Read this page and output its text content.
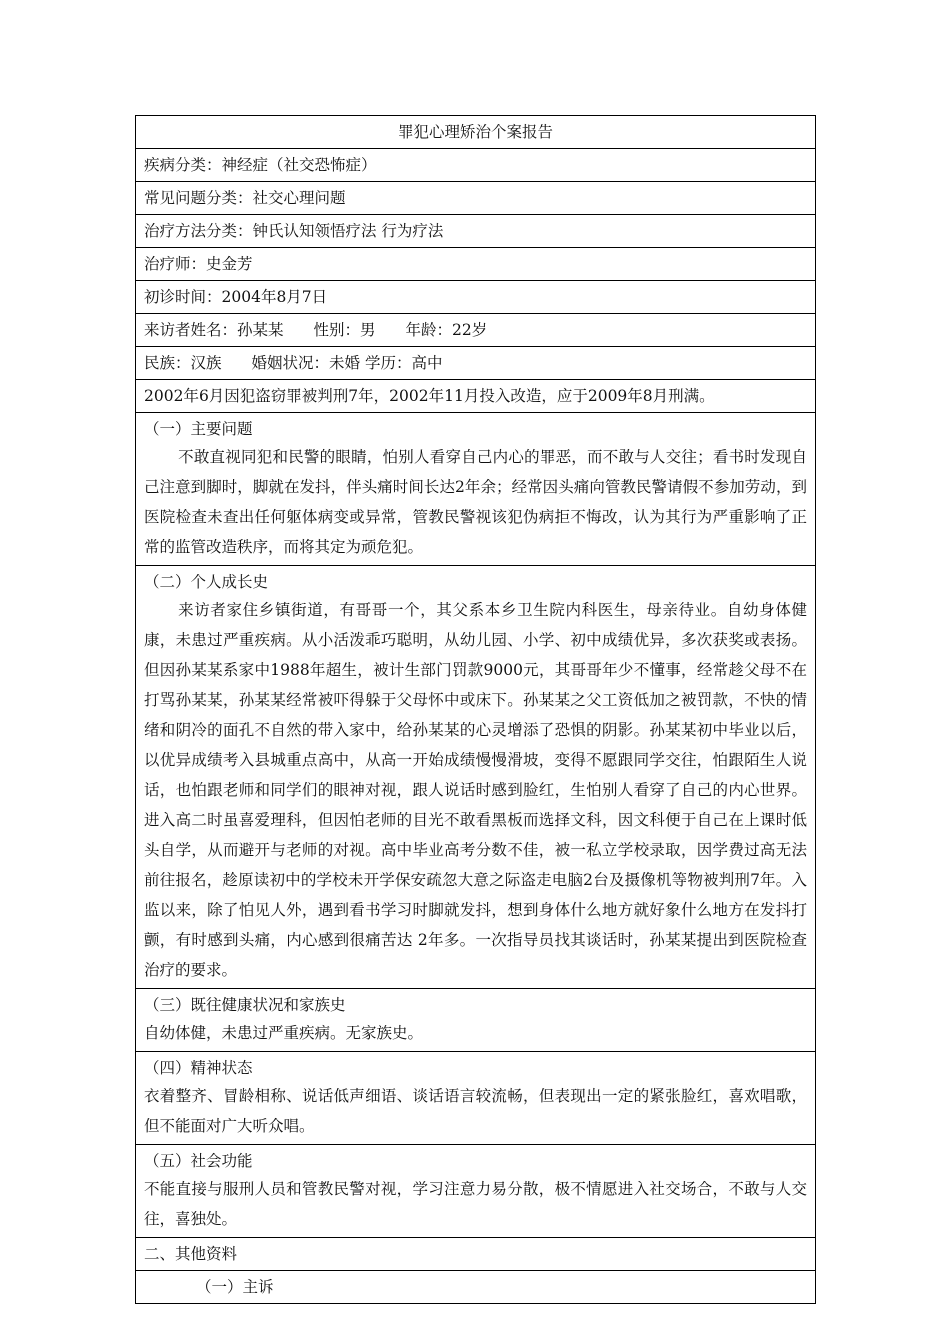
罪犯心理矫治个案报告
疾病分类：神经症（社交恐怖症）
常见问题分类：社交心理问题
治疗方法分类：钟氏认知领悟疗法 行为疗法
治疗师：史金芳
初诊时间：2004年8月7日
来访者姓名：孙某某 性别：男 年龄：22岁
民族：汉族 婚姻状况：未婚 学历：高中
2002年6月因犯盗窃罪被判刑7年，2002年11月投入改造，应于2009年8月刑满。
（一）主要问题
不敢直视同犯和民警的眼睛，怕别人看穿自己内心的罪恶，而不敢与人交往；看书时发现自己注意到脚时，脚就在发抖，伴头痛时间长达2年余；经常因头痛向管教民警请假不参加劳动，到医院检查未查出任何躯体病变或异常，管教民警视该犯伪病拒不悔改，认为其行为严重影响了正常的监管改造秩序，而将其定为顽危犯。
（二）个人成长史
来访者家住乡镇街道，有哥哥一个，其父系本乡卫生院内科医生，母亲待业。自幼身体健康，未患过严重疾病。从小活泼乖巧聪明，从幼儿园、小学、初中成绩优异，多次获奖或表扬。但因孙某某系家中1988年超生，被计生部门罚款9000元，其哥哥年少不懂事，经常趁父母不在打骂孙某某，孙某某经常被吓得躲于父母怀中或床下。孙某某之父工资低加之被罚款，不快的情绪和阴冷的面孔不自然的带入家中，给孙某某的心灵增添了恐惧的阴影。孙某某初中毕业以后，以优异成绩考入县城重点高中，从高一开始成绩慢慢滑坡，变得不愿跟同学交往，怕跟陌生人说话，也怕跟老师和同学们的眼神对视，跟人说话时感到脸红，生怕别人看穿了自己的内心世界。进入高二时虽喜爱理科，但因怕老师的目光不敢看黑板而选择文科，因文科便于自己在上课时低头自学，从而避开与老师的对视。高中毕业高考分数不佳，被一私立学校录取，因学费过高无法前往报名，趁原读初中的学校未开学保安疏忽大意之际盗走电脑2台及摄像机等物被判刑7年。入监以来，除了怕见人外，遇到看书学习时脚就发抖，想到身体什么地方就好象什么地方在发抖打颤，有时感到头痛，内心感到很痛苦达 2年多。一次指导员找其谈话时，孙某某提出到医院检查治疗的要求。
（三）既往健康状况和家族史
自幼体健，未患过严重疾病。无家族史。
（四）精神状态
衣着整齐、冒龄相称、说话低声细语、谈话语言较流畅，但表现出一定的紧张脸红，喜欢唱歌，但不能面对广大听众唱。
（五）社会功能
不能直接与服刑人员和管教民警对视，学习注意力易分散，极不情愿进入社交场合，不敢与人交往，喜独处。
二、其他资料
（一）主诉
